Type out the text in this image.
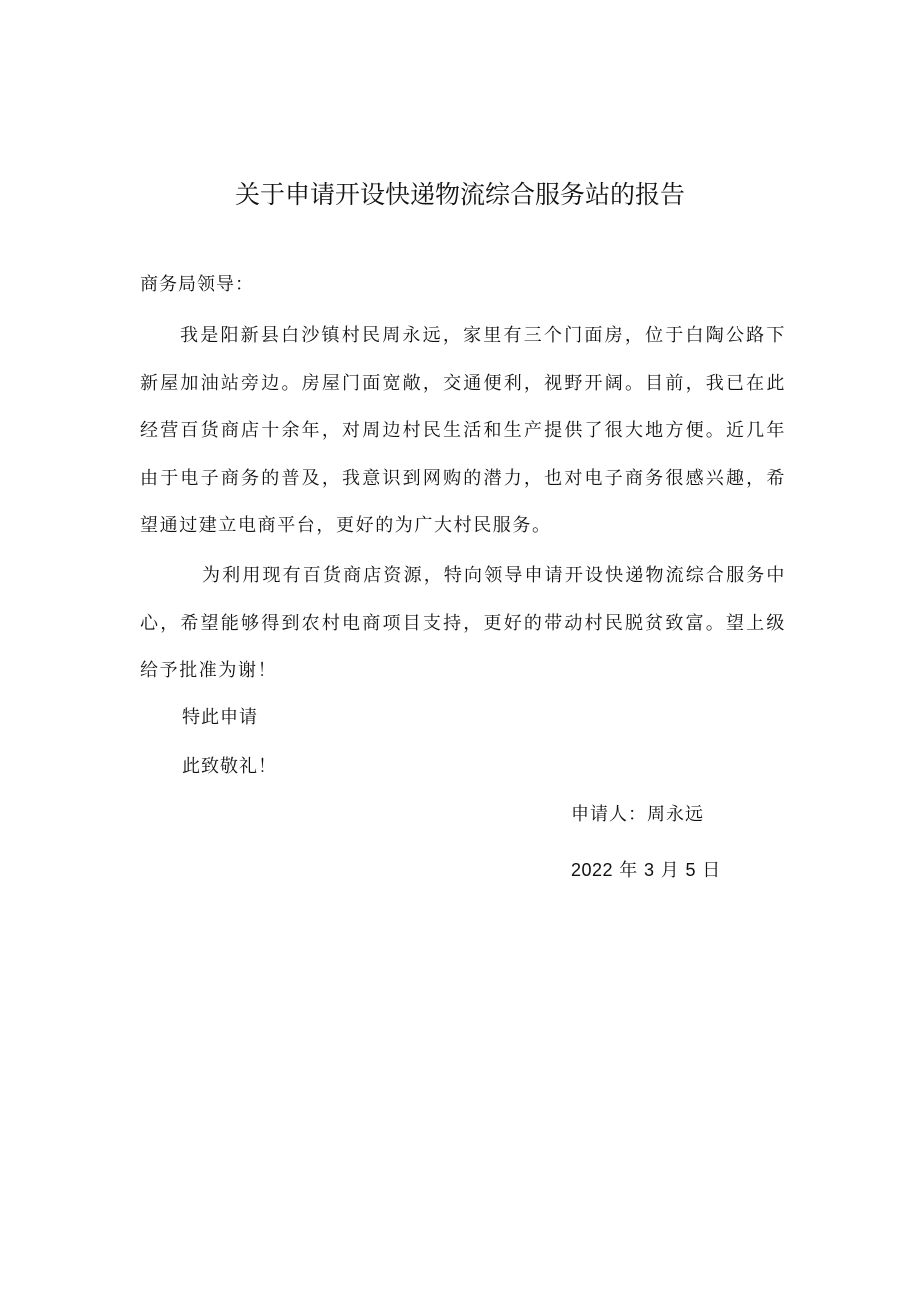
关于申请开设快递物流综合服务站的报告
商务局领导：
我是阳新县白沙镇村民周永远，家里有三个门面房，位于白陶公路下新屋加油站旁边。房屋门面宽敞，交通便利，视野开阔。目前，我已在此经营百货商店十余年，对周边村民生活和生产提供了很大地方便。近几年由于电子商务的普及，我意识到网购的潜力，也对电子商务很感兴趣，希望通过建立电商平台，更好的为广大村民服务。
为利用现有百货商店资源，特向领导申请开设快递物流综合服务中心，希望能够得到农村电商项目支持，更好的带动村民脱贫致富。望上级给予批准为谢！
特此申请
此致敬礼！
申请人：周永远
2022 年 3 月 5 日
